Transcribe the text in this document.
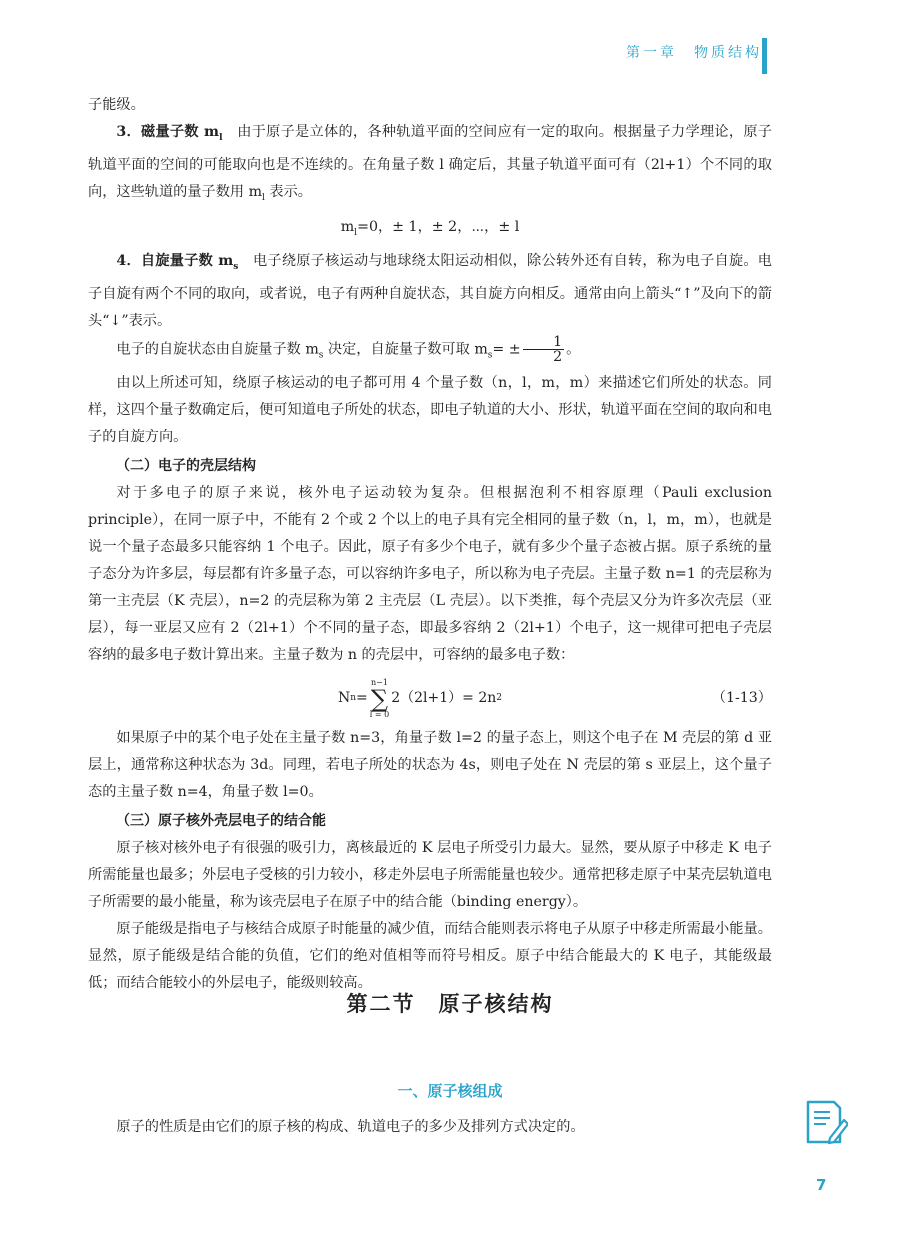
第一章　物质结构

子能级。

3．磁量子数 $m_l$　 由于原子是立体的，各种轨道平面的空间应有一定的取向。根据量子力学理论，原子轨道平面的空间的可能取向也是不连续的。在角量子数 l 确定后，其量子轨道平面可有（2l+1）个不同的取向，这些轨道的量子数用 $m_l$ 表示。

$m_l=0$，± 1，± 2，⋯，± l

4．自旋量子数 $m_s$　 电子绕原子核运动与地球绕太阳运动相似，除公转外还有自转，称为电子自旋。电子自旋有两个不同的取向，或者说，电子有两种自旋状态，其自旋方向相反。通常由向上箭头“↑”及向下的箭头“↓”表示。

电子的自旋状态由自旋量子数 $m_s$ 决定，自旋量子数可取 $m_s= \pm \frac{1}{2}$ 。

由以上所述可知，绕原子核运动的电子都可用 4 个量子数（n，l，m，m）来描述它们所处的状态。同样，这四个量子数确定后，便可知道电子所处的状态，即电子轨道的大小、形状，轨道平面在空间的取向和电子的自旋方向。

（二）电子的壳层结构

对于多电子的原子来说，核外电子运动较为复杂。但根据泡利不相容原理（Pauli exclusion principle），在同一原子中，不能有 2 个或 2 个以上的电子具有完全相同的量子数（n，l，m，m），也就是说一个量子态最多只能容纳 1 个电子。因此，原子有多少个电子，就有多少个量子态被占据。原子系统的量子态分为许多层，每层都有许多量子态，可以容纳许多电子，所以称为电子壳层。主量子数 n=1 的壳层称为第一主壳层（K 壳层），n=2 的壳层称为第 2 主壳层（L 壳层）。以下类推，每个壳层又分为许多次壳层（亚层），每一亚层又应有 2（2l+1）个不同的量子态，即最多容纳 2（2l+1）个电子，这一规律可把电子壳层容纳的最多电子数计算出来。主量子数为 n 的壳层中，可容纳的最多电子数：

N n =
n−1
∑
l = 0
2（2l+1）= 2n 2	（1-13）

如果原子中的某个电子处在主量子数 n=3，角量子数 l=2 的量子态上，则这个电子在 M 壳层的第 d 亚层上，通常称这种状态为 3d。同理，若电子所处的状态为 4s，则电子处在 N 壳层的第 s 亚层上，这个量子态的主量子数 n=4，角量子数 l=0。

（三）原子核外壳层电子的结合能

原子核对核外电子有很强的吸引力，离核最近的 K 层电子所受引力最大。显然，要从原子中移走 K 电子所需能量也最多；外层电子受核的引力较小，移走外层电子所需能量也较少。通常把移走原子中某壳层轨道电子所需要的最小能量，称为该壳层电子在原子中的结合能（binding energy）。

原子能级是指电子与核结合成原子时能量的减少值，而结合能则表示将电子从原子中移走所需最小能量。显然，原子能级是结合能的负值，它们的绝对值相等而符号相反。原子中结合能最大的 K 电子，其能级最低；而结合能较小的外层电子，能级则较高。

第二节　原子核结构
一、原子核组成

原子的性质是由它们的原子核的构成、轨道电子的多少及排列方式决定的。

7
